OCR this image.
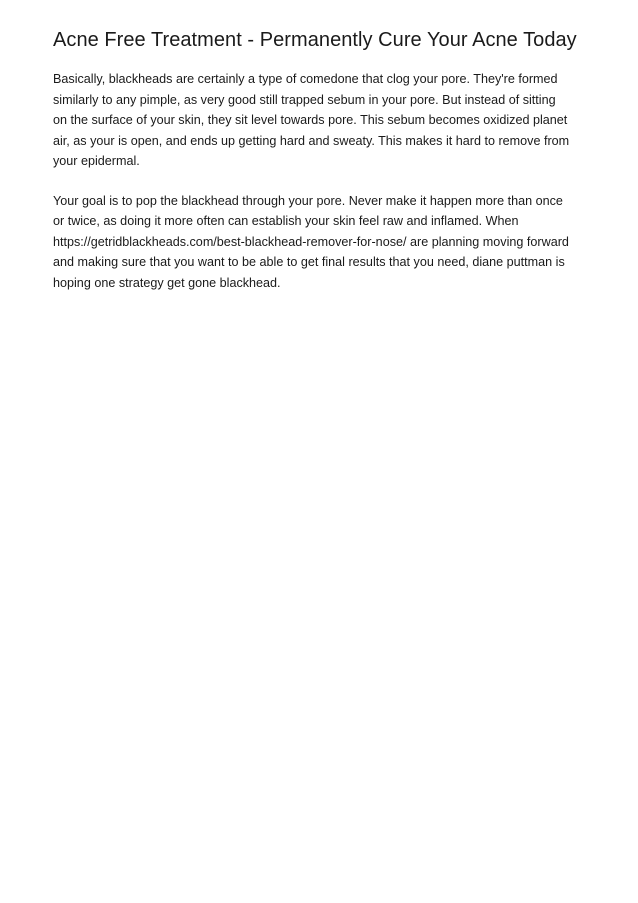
Acne Free Treatment - Permanently Cure Your Acne Today
Basically, blackheads are certainly a type of comedone that clog your pore. They're formed
similarly to any pimple, as very good still trapped sebum in your pore. But instead of sitting
on the surface of your skin, they sit level towards pore. This sebum becomes oxidized planet
air, as your is open, and ends up getting hard and sweaty. This makes it hard to remove from
your epidermal.
Your goal is to pop the blackhead through your pore. Never make it happen more than once
or twice, as doing it more often can establish your skin feel raw and inflamed. When
https://getridblackheads.com/best-blackhead-remover-for-nose/ are planning moving forward
and making sure that you want to be able to get final results that you need, diane puttman is
hoping one strategy get gone blackhead.
